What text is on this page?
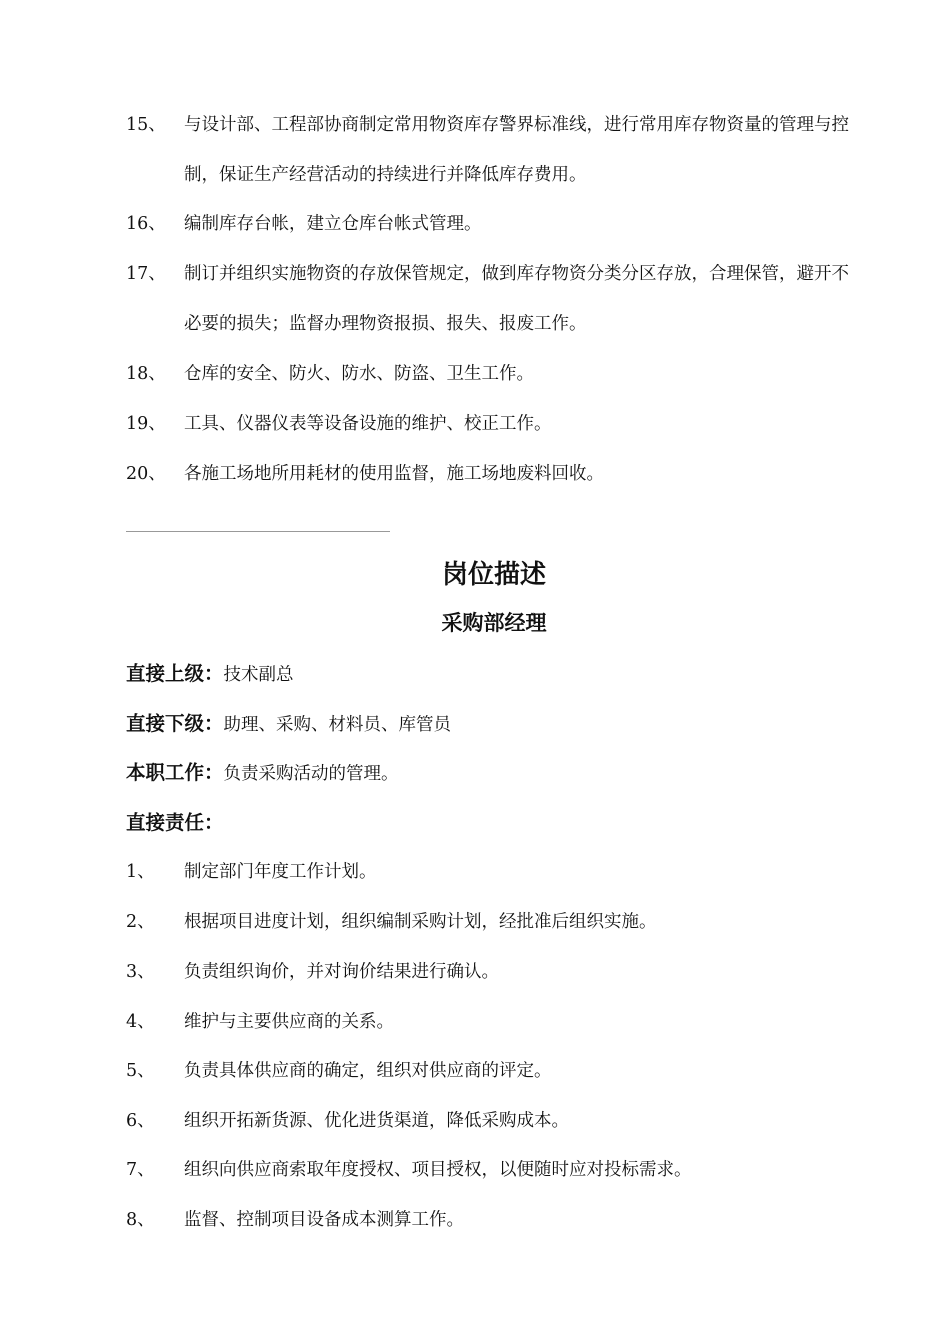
15、	与设计部、工程部协商制定常用物资库存警界标准线，进行常用库存物资量的管理与控制，保证生产经营活动的持续进行并降低库存费用。
16、	编制库存台帐，建立仓库台帐式管理。
17、	制订并组织实施物资的存放保管规定，做到库存物资分类分区存放，合理保管，避开不必要的损失；监督办理物资报损、报失、报废工作。
18、	仓库的安全、防火、防水、防盗、卫生工作。
19、	工具、仪器仪表等设备设施的维护、校正工作。
20、	各施工场地所用耗材的使用监督，施工场地废料回收。
岗位描述
采购部经理
直接上级：技术副总
直接下级：助理、采购、材料员、库管员
本职工作：负责采购活动的管理。
直接责任：
1、	制定部门年度工作计划。
2、	根据项目进度计划，组织编制采购计划，经批准后组织实施。
3、	负责组织询价，并对询价结果进行确认。
4、	维护与主要供应商的关系。
5、	负责具体供应商的确定，组织对供应商的评定。
6、	组织开拓新货源、优化进货渠道，降低采购成本。
7、	组织向供应商索取年度授权、项目授权，以便随时应对投标需求。
8、	监督、控制项目设备成本测算工作。
